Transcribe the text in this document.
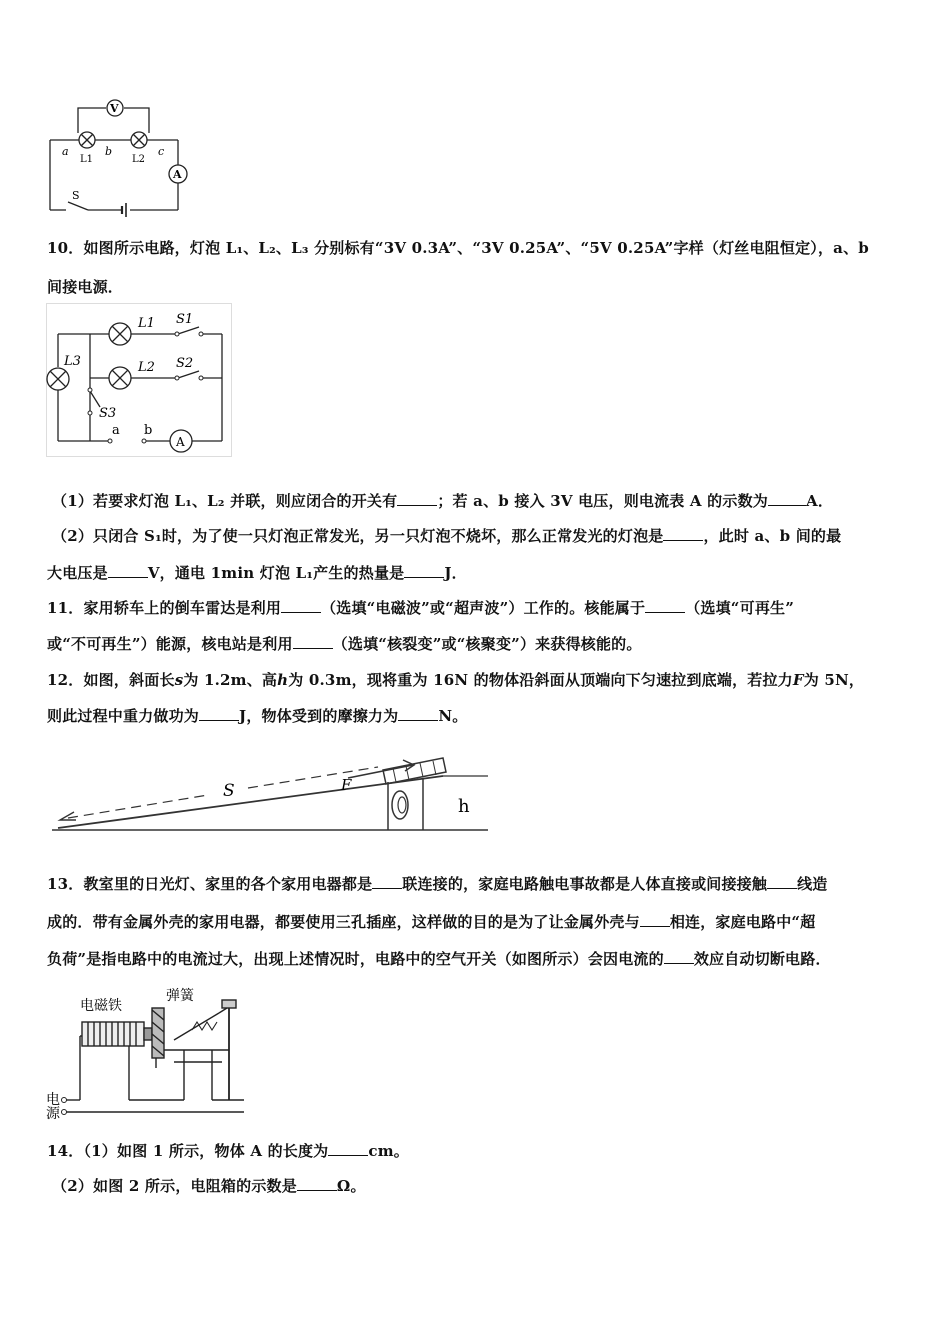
V
a	b
L1	L2
c
A
S
10．如图所示电路，灯泡 L₁、L₂、L₃ 分别标有“3V 0.3A”、“3V 0.25A”、“5V 0.25A”字样（灯丝电阻恒定），a、b
间接电源．
L1 S1
L2 S2
L3
S3
a b
A
（1）若要求灯泡 L₁、L₂ 并联，则应闭合的开关有	；若 a、b 接入 3V 电压，则电流表 A 的示数为	A．
（2）只闭合 S₁时，为了使一只灯泡正常发光，另一只灯泡不烧坏，那么正常发光的灯泡是	，此时 a、b 间的最
大电压是	V，通电 1min 灯泡 L₁产生的热量是	J．
11．家用轿车上的倒车雷达是利用	（选填“电磁波”或“超声波”）工作的。核能属于	（选填“可再生”
或“不可再生”）能源，核电站是利用	（选填“核裂变”或“核聚变”）来获得核能的。
12．如图，斜面长s为 1.2m、高h为 0.3m，现将重为 16N 的物体沿斜面从顶端向下匀速拉到底端，若拉力F为 5N，
则此过程中重力做功为	J，物体受到的摩擦力为	N。
S	F
h
13．教室里的日光灯、家里的各个家用电器都是 联连接的，家庭电路触电事故都是人体直接或间接接触 线造
成的．带有金属外壳的家用电器，都要使用三孔插座，这样做的目的是为了让金属外壳与 相连，家庭电路中“超
负荷”是指电路中的电流过大，出现上述情况时，电路中的空气开关（如图所示）会因电流的 效应自动切断电路．
电磁铁
弹簧
电
源
14．（1）如图 1 所示，物体 A 的长度为	cm。
（2）如图 2 所示，电阻箱的示数是	Ω。
